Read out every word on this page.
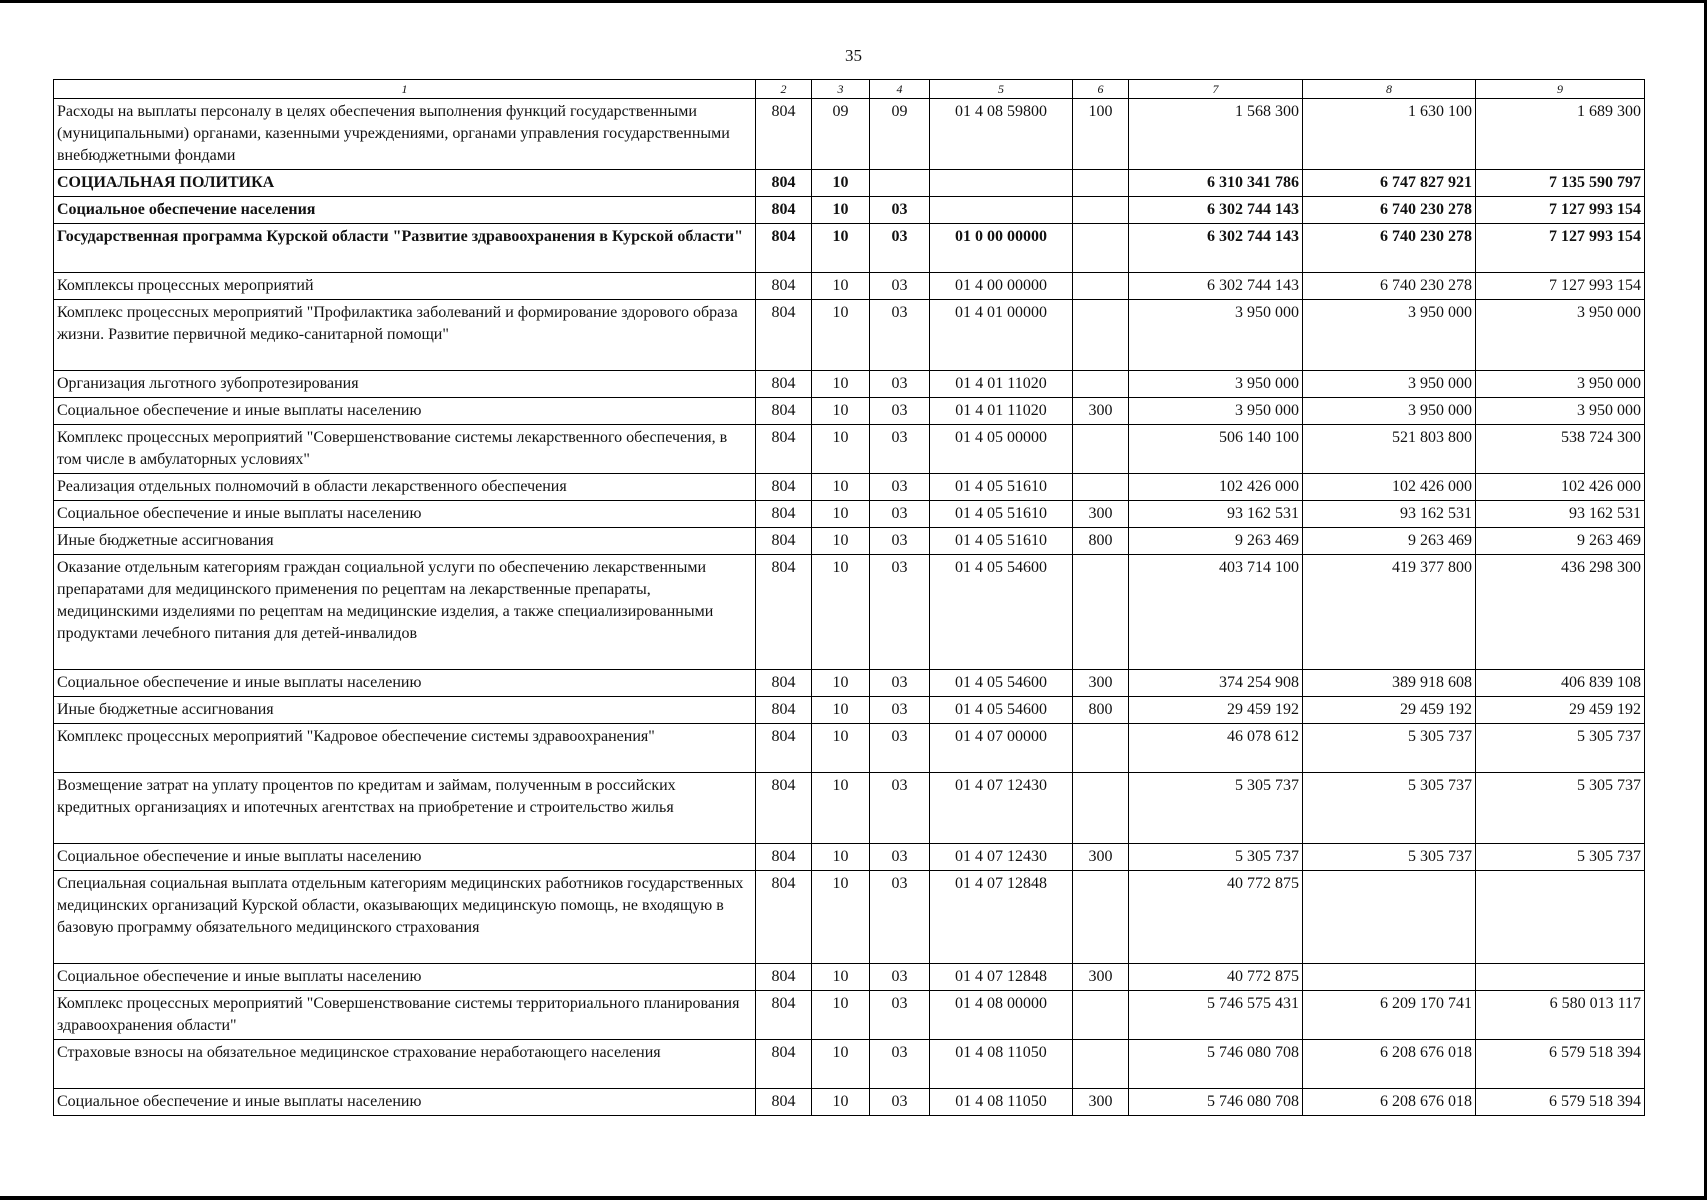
35
1	2	3	4	5	6	7	8	9
Расходы на выплаты персоналу в целях обеспечения выполнения функций государственными (муниципальными) органами, казенными учреждениями, органами управления государственными внебюджетными фондами	804	09	09	01 4 08 59800	100	1 568 300	1 630 100	1 689 300
СОЦИАЛЬНАЯ ПОЛИТИКА	804	10				6 310 341 786	6 747 827 921	7 135 590 797
Социальное обеспечение населения	804	10	03			6 302 744 143	6 740 230 278	7 127 993 154
Государственная программа Курской области "Развитие здравоохранения в Курской области"	804	10	03	01 0 00 00000		6 302 744 143	6 740 230 278	7 127 993 154
Комплексы процессных мероприятий	804	10	03	01 4 00 00000		6 302 744 143	6 740 230 278	7 127 993 154
Комплекс процессных мероприятий "Профилактика заболеваний и формирование здорового образа жизни. Развитие первичной медико-санитарной помощи"	804	10	03	01 4 01 00000		3 950 000	3 950 000	3 950 000
Организация льготного зубопротезирования	804	10	03	01 4 01 11020		3 950 000	3 950 000	3 950 000
Социальное обеспечение и иные выплаты населению	804	10	03	01 4 01 11020	300	3 950 000	3 950 000	3 950 000
Комплекс процессных мероприятий "Совершенствование системы лекарственного обеспечения, в том числе в амбулаторных условиях"	804	10	03	01 4 05 00000		506 140 100	521 803 800	538 724 300
Реализация отдельных полномочий в области лекарственного обеспечения	804	10	03	01 4 05 51610		102 426 000	102 426 000	102 426 000
Социальное обеспечение и иные выплаты населению	804	10	03	01 4 05 51610	300	93 162 531	93 162 531	93 162 531
Иные бюджетные ассигнования	804	10	03	01 4 05 51610	800	9 263 469	9 263 469	9 263 469
Оказание отдельным категориям граждан социальной услуги по обеспечению лекарственными препаратами для медицинского применения по рецептам на лекарственные препараты, медицинскими изделиями по рецептам на медицинские изделия, а также специализированными продуктами лечебного питания для детей-инвалидов	804	10	03	01 4 05 54600		403 714 100	419 377 800	436 298 300
Социальное обеспечение и иные выплаты населению	804	10	03	01 4 05 54600	300	374 254 908	389 918 608	406 839 108
Иные бюджетные ассигнования	804	10	03	01 4 05 54600	800	29 459 192	29 459 192	29 459 192
Комплекс процессных мероприятий "Кадровое обеспечение системы здравоохранения"	804	10	03	01 4 07 00000		46 078 612	5 305 737	5 305 737
Возмещение затрат на уплату процентов по кредитам и займам, полученным в российских кредитных организациях и ипотечных агентствах на приобретение и строительство жилья	804	10	03	01 4 07 12430		5 305 737	5 305 737	5 305 737
Социальное обеспечение и иные выплаты населению	804	10	03	01 4 07 12430	300	5 305 737	5 305 737	5 305 737
Специальная социальная выплата отдельным категориям медицинских работников государственных медицинских организаций Курской области, оказывающих медицинскую помощь, не входящую в базовую программу обязательного медицинского страхования	804	10	03	01 4 07 12848		40 772 875		
Социальное обеспечение и иные выплаты населению	804	10	03	01 4 07 12848	300	40 772 875		
Комплекс процессных мероприятий "Совершенствование системы территориального планирования здравоохранения области"	804	10	03	01 4 08 00000		5 746 575 431	6 209 170 741	6 580 013 117
Страховые взносы на обязательное медицинское страхование неработающего населения	804	10	03	01 4 08 11050		5 746 080 708	6 208 676 018	6 579 518 394
Социальное обеспечение и иные выплаты населению	804	10	03	01 4 08 11050	300	5 746 080 708	6 208 676 018	6 579 518 394
